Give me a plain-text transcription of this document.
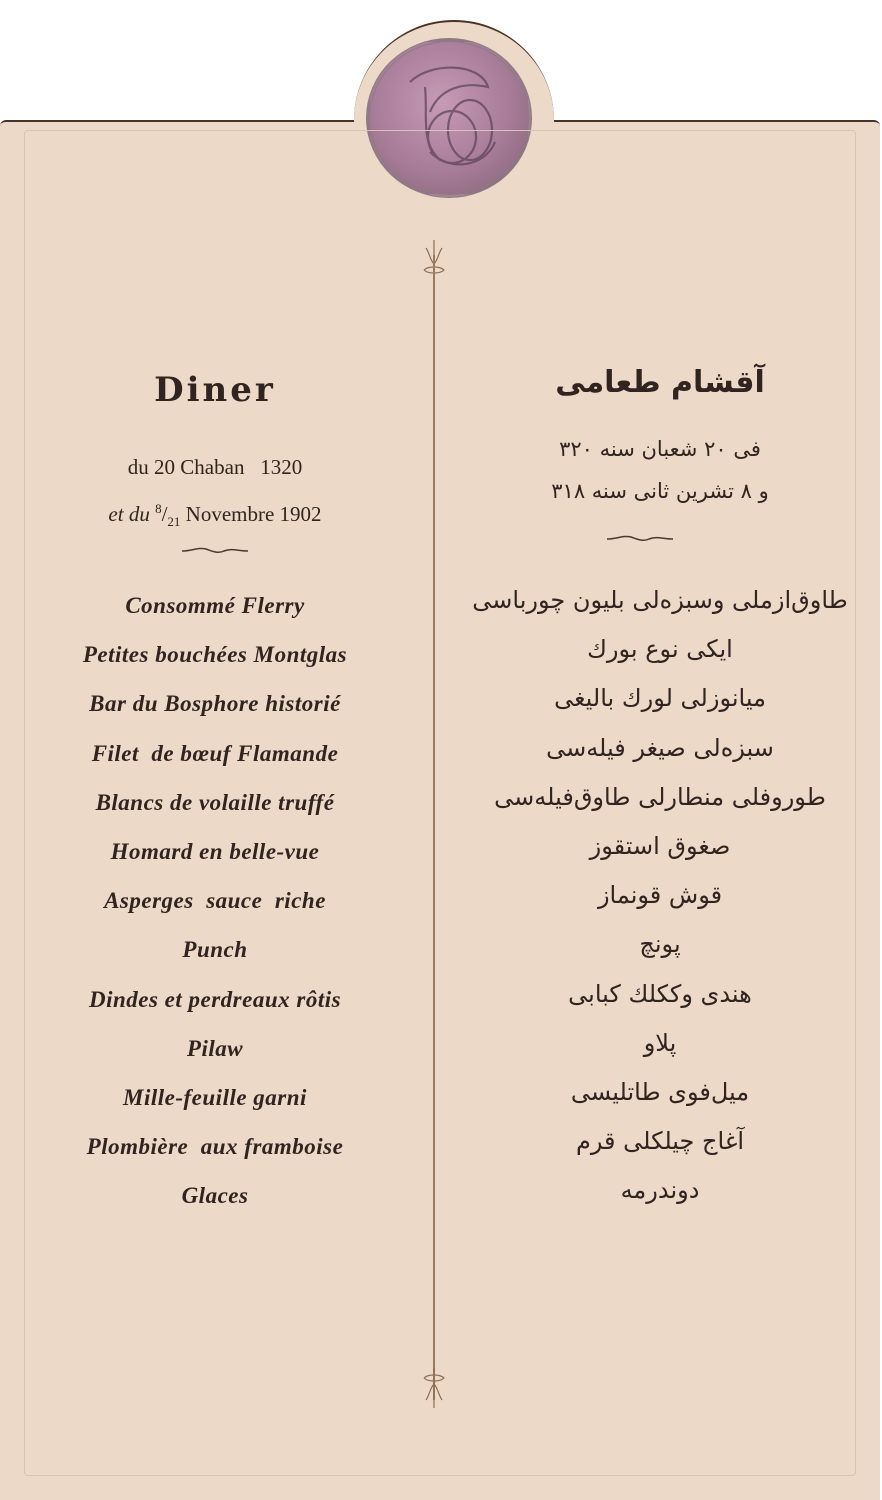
Diner
du 20 Chaban   1320
et du $^8/_{21}$ Novembre 1902
Consommé Flerry
Petites bouchées Montglas
Bar du Bosphore historié
Filet  de bœuf Flamande
Blancs de volaille truffé
Homard en belle-vue
Asperges  sauce  riche
Punch
Dindes et perdreaux rôtis
Pilaw
Mille-feuille garni
Plombière  aux framboise
Glaces
آقشام طعامی
فی ٢٠ شعبان سنه ٣٢٠
و ٨ تشرین ثانی سنه ٣١٨
طاوق‌ازملی وسبزه‌لی بلیون چورباسی
ایکی نوع بورك
میانوزلی لورك بالیغی
سبزه‌لی صیغر فیله‌سی
طوروفلی منطارلی طاوق‌فیله‌سی
صغوق استقوز
قوش قونماز
پونچ
هندی وككلك كبابی
پلاو
میل‌فوی طاتلیسی
آغاج چیلكلی قرم
دوندرمه
